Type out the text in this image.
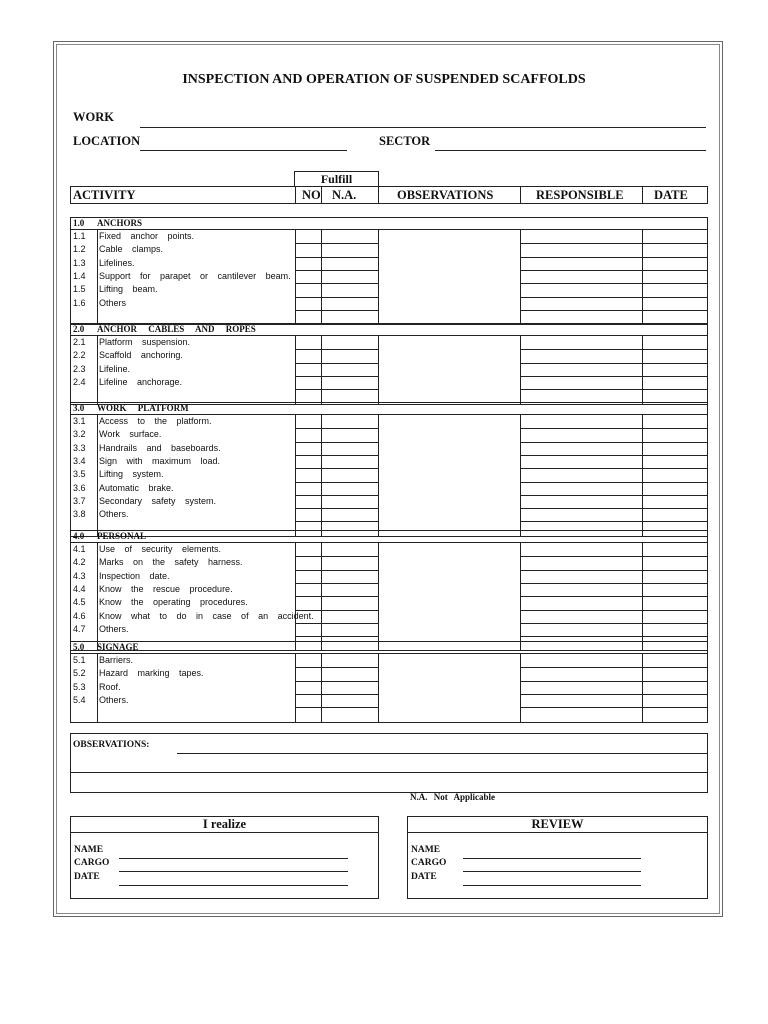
INSPECTION AND OPERATION OF SUSPENDED SCAFFOLDS
WORK
LOCATION	SECTOR
Fulfill
ACTIVITY	NO N.A.	OBSERVATIONS	RESPONSIBLE DATE
1.0 ANCHORS
1.1 Fixed anchor points.
1.2 Cable clamps.
1.3 Lifelines.
1.4 Support for parapet or cantilever beam.
1.5 Lifting beam.
1.6 Others
2.0 ANCHOR CABLES AND ROPES
2.1 Platform suspension.
2.2 Scaffold anchoring.
2.3 Lifeline.
2.4 Lifeline anchorage.
3.0 WORK PLATFORM
3.1 Access to the platform.
3.2 Work surface.
3.3 Handrails and baseboards.
3.4 Sign with maximum load.
3.5 Lifting system.
3.6 Automatic brake.
3.7 Secondary safety system.
3.8 Others.
4.0 PERSONAL
4.1 Use of security elements.
4.2 Marks on the safety harness.
4.3 Inspection date.
4.4 Know the rescue procedure.
4.5 Know the operating procedures.
4.6 Know what to do in case of an accident.
4.7 Others.
5.0 SIGNAGE
5.1 Barriers.
5.2 Hazard marking tapes.
5.3 Roof.
5.4 Others.
OBSERVATIONS:
N.A. Not Applicable
I realize
NAME
CARGO
DATE
REVIEW
NAME
CARGO
DATE
